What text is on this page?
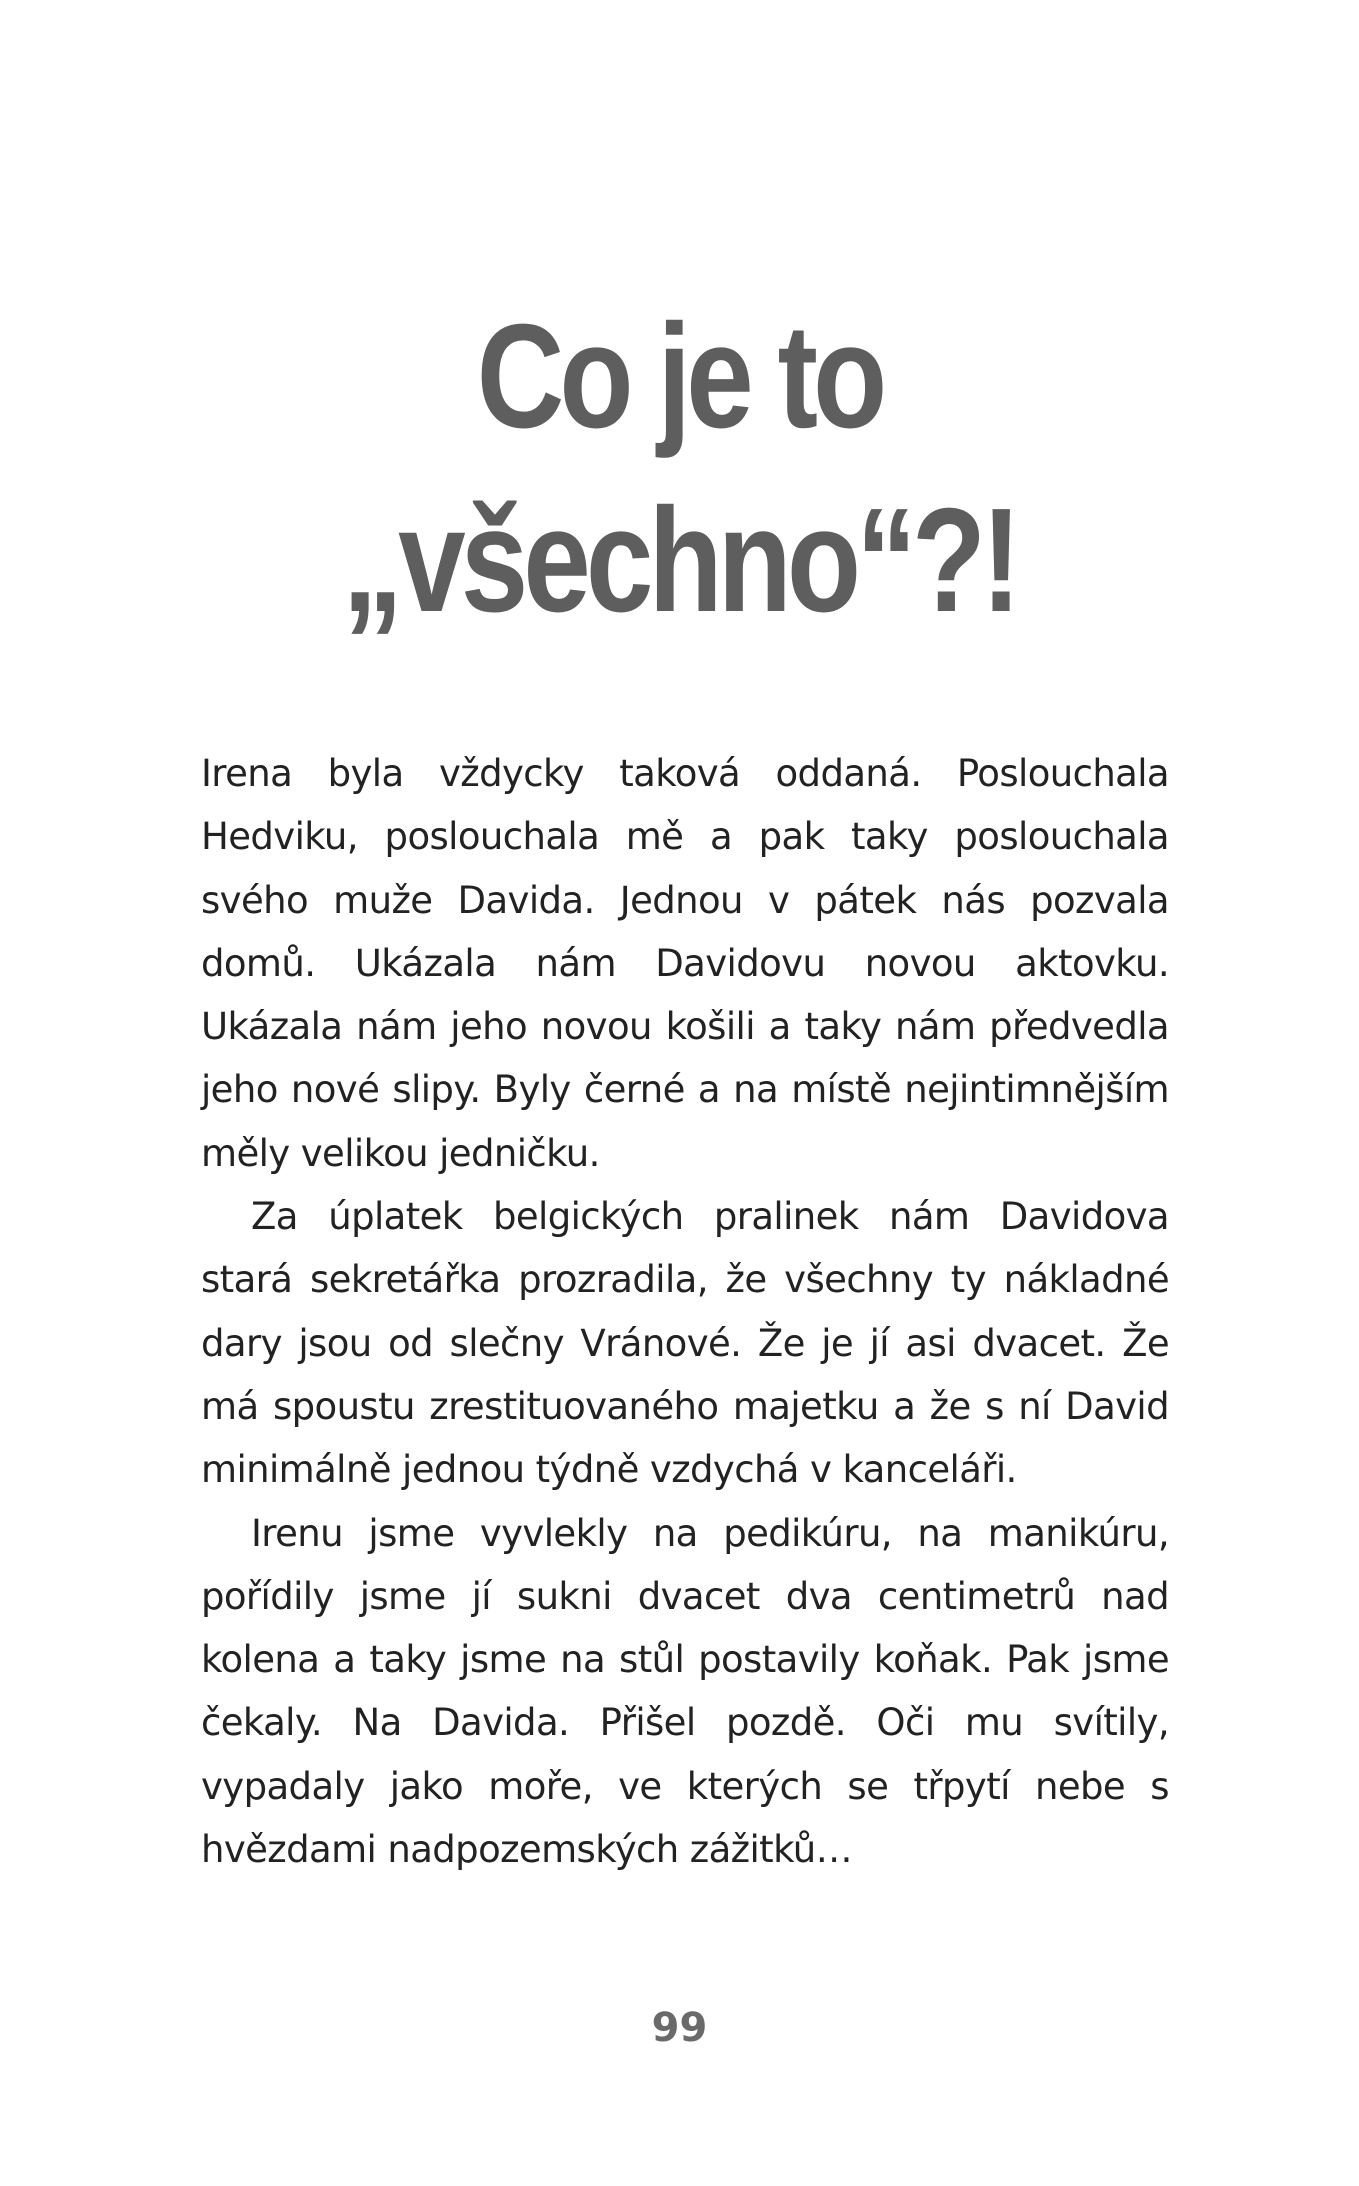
Co je to
„všechno“?!

Irena byla vždycky taková oddaná. Poslouchala Hedviku, poslouchala mě a pak taky poslouchala svého muže Davida. Jednou v pátek nás pozvala domů. Ukázala nám Davidovu novou aktovku. Ukázala nám jeho novou košili a taky nám předvedla jeho nové slipy. Byly černé a na místě nejintimnějším měly velikou jedničku.

Za úplatek belgických pralinek nám Davidova stará sekretářka prozradila, že všechny ty nákladné dary jsou od slečny Vránové. Že je jí asi dvacet. Že má spoustu zrestituovaného majetku a že s ní David minimálně jednou týdně vzdychá v kanceláři.

Irenu jsme vyvlekly na pedikúru, na manikúru, pořídily jsme jí sukni dvacet dva centimetrů nad kolena a taky jsme na stůl postavily koňak. Pak jsme čekaly. Na Davida. Přišel pozdě. Oči mu svítily, vypadaly jako moře, ve kterých se třpytí nebe s hvězdami nadpozemských zážitků…

99
